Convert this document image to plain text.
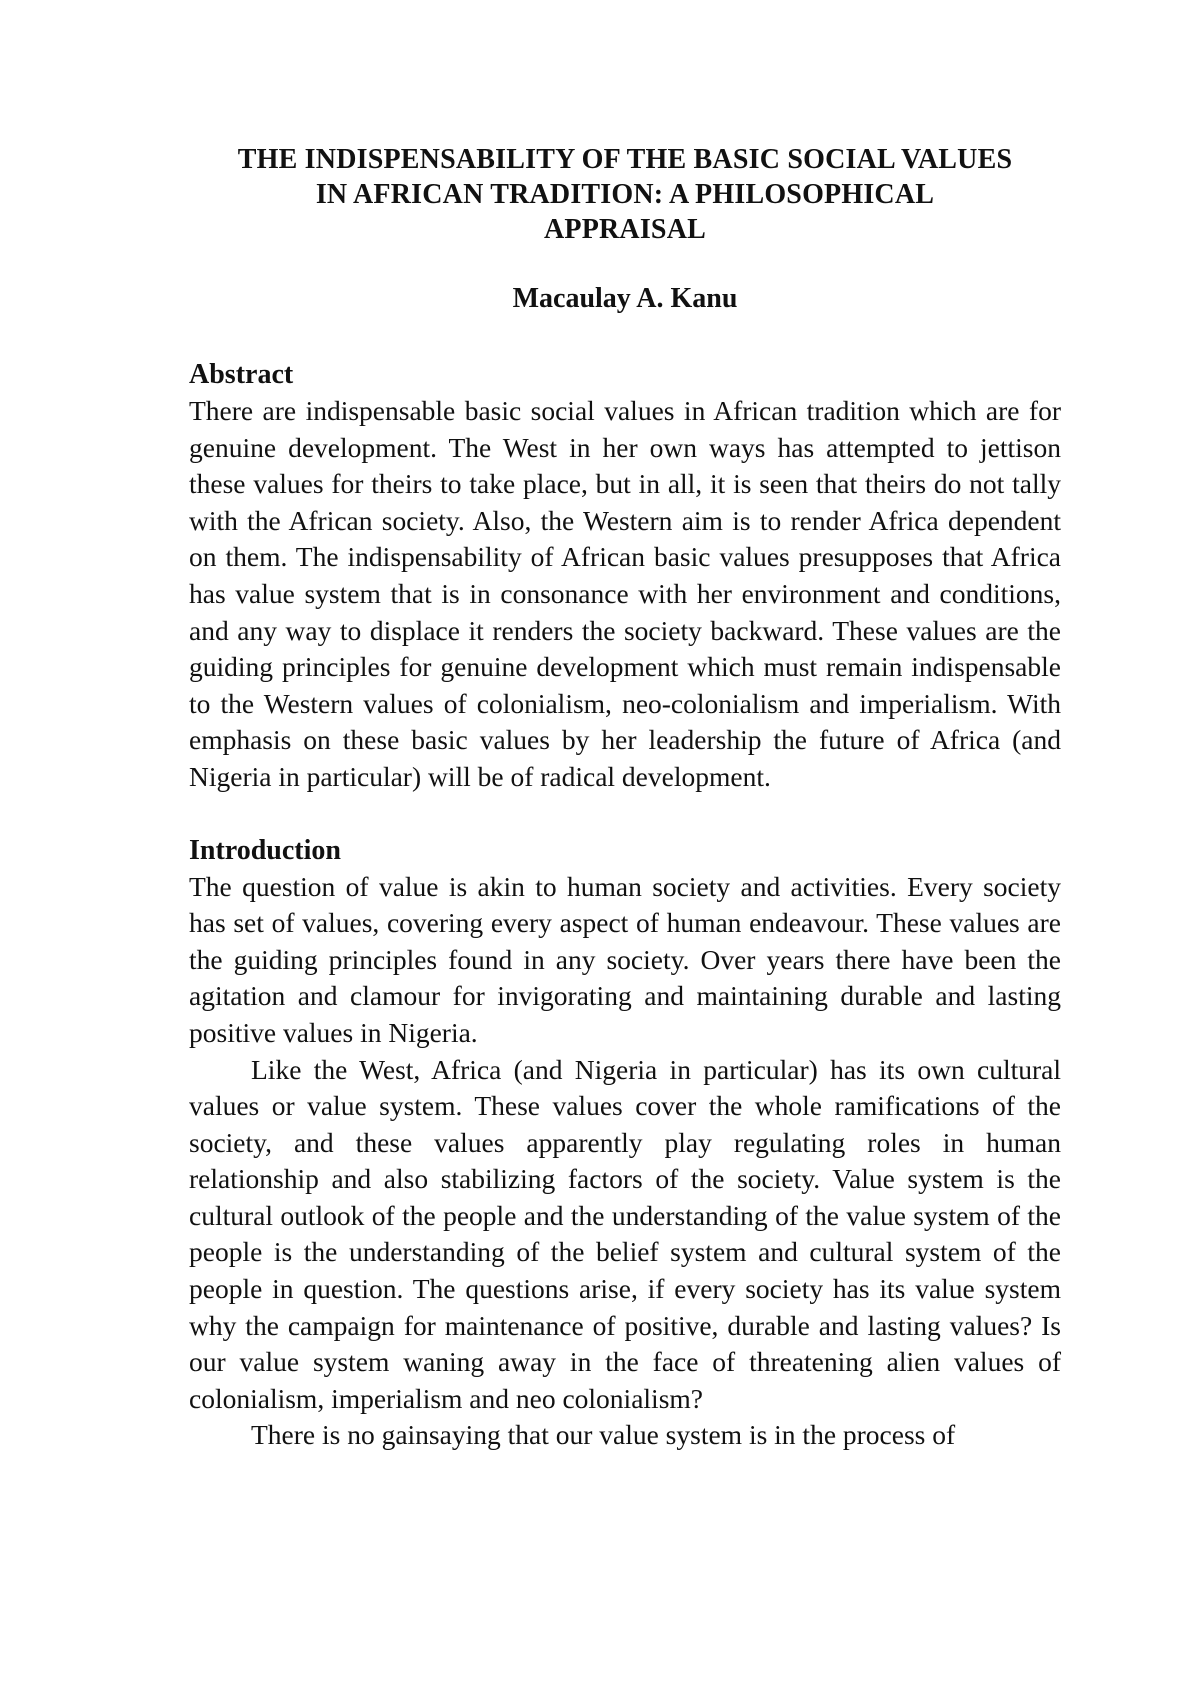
THE INDISPENSABILITY OF THE BASIC SOCIAL VALUES
IN AFRICAN TRADITION: A PHILOSOPHICAL
APPRAISAL

Macaulay A. Kanu

Abstract

There are indispensable basic social values in African tradition which are for genuine development. The West in her own ways has attempted to jettison these values for theirs to take place, but in all, it is seen that theirs do not tally with the African society. Also, the Western aim is to render Africa dependent on them. The indispensability of African basic values presupposes that Africa has value system that is in consonance with her environment and conditions, and any way to displace it renders the society backward. These values are the guiding principles for genuine development which must remain indispensable to the Western values of colonialism, neo-colonialism and imperialism. With emphasis on these basic values by her leadership the future of Africa (and Nigeria in particular) will be of radical development.

Introduction

The question of value is akin to human society and activities. Every society has set of values, covering every aspect of human endeavour. These values are the guiding principles found in any society. Over years there have been the agitation and clamour for invigorating and maintaining durable and lasting positive values in Nigeria.

Like the West, Africa (and Nigeria in particular) has its own cultural values or value system. These values cover the whole ramifications of the society, and these values apparently play regulating roles in human relationship and also stabilizing factors of the society. Value system is the cultural outlook of the people and the understanding of the value system of the people is the understanding of the belief system and cultural system of the people in question. The questions arise, if every society has its value system why the campaign for maintenance of positive, durable and lasting values? Is our value system waning away in the face of threatening alien values of colonialism, imperialism and neo colonialism?

There is no gainsaying that our value system is in the process of
